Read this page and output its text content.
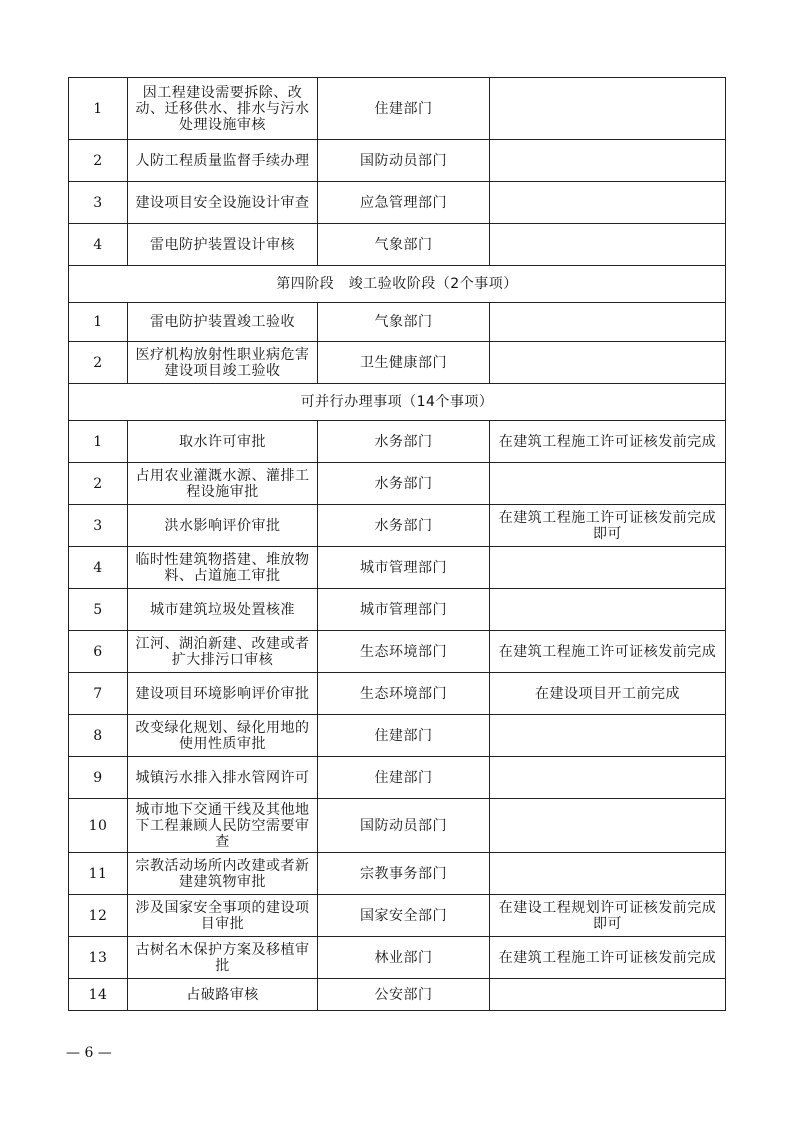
1	因工程建设需要拆除、改动、迁移供水、排水与污水处理设施审核	住建部门	
2	人防工程质量监督手续办理	国防动员部门	
3	建设项目安全设施设计审查	应急管理部门	
4	雷电防护装置设计审核	气象部门	
第四阶段　竣工验收阶段（2个事项）			
1	雷电防护装置竣工验收	气象部门	
2	医疗机构放射性职业病危害建设项目竣工验收	卫生健康部门	
可并行办理事项（14个事项）			
1	取水许可审批	水务部门	在建筑工程施工许可证核发前完成
2	占用农业灌溉水源、灌排工程设施审批	水务部门	
3	洪水影响评价审批	水务部门	在建筑工程施工许可证核发前完成即可
4	临时性建筑物搭建、堆放物料、占道施工审批	城市管理部门	
5	城市建筑垃圾处置核准	城市管理部门	
6	江河、湖泊新建、改建或者扩大排污口审核	生态环境部门	在建筑工程施工许可证核发前完成
7	建设项目环境影响评价审批	生态环境部门	在建设项目开工前完成
8	改变绿化规划、绿化用地的使用性质审批	住建部门	
9	城镇污水排入排水管网许可	住建部门	
10	城市地下交通干线及其他地下工程兼顾人民防空需要审查	国防动员部门	
11	宗教活动场所内改建或者新建建筑物审批	宗教事务部门	
12	涉及国家安全事项的建设项目审批	国家安全部门	在建设工程规划许可证核发前完成即可
13	古树名木保护方案及移植审批	林业部门	在建筑工程施工许可证核发前完成
14	占破路审核	公安部门	
— 6 —
